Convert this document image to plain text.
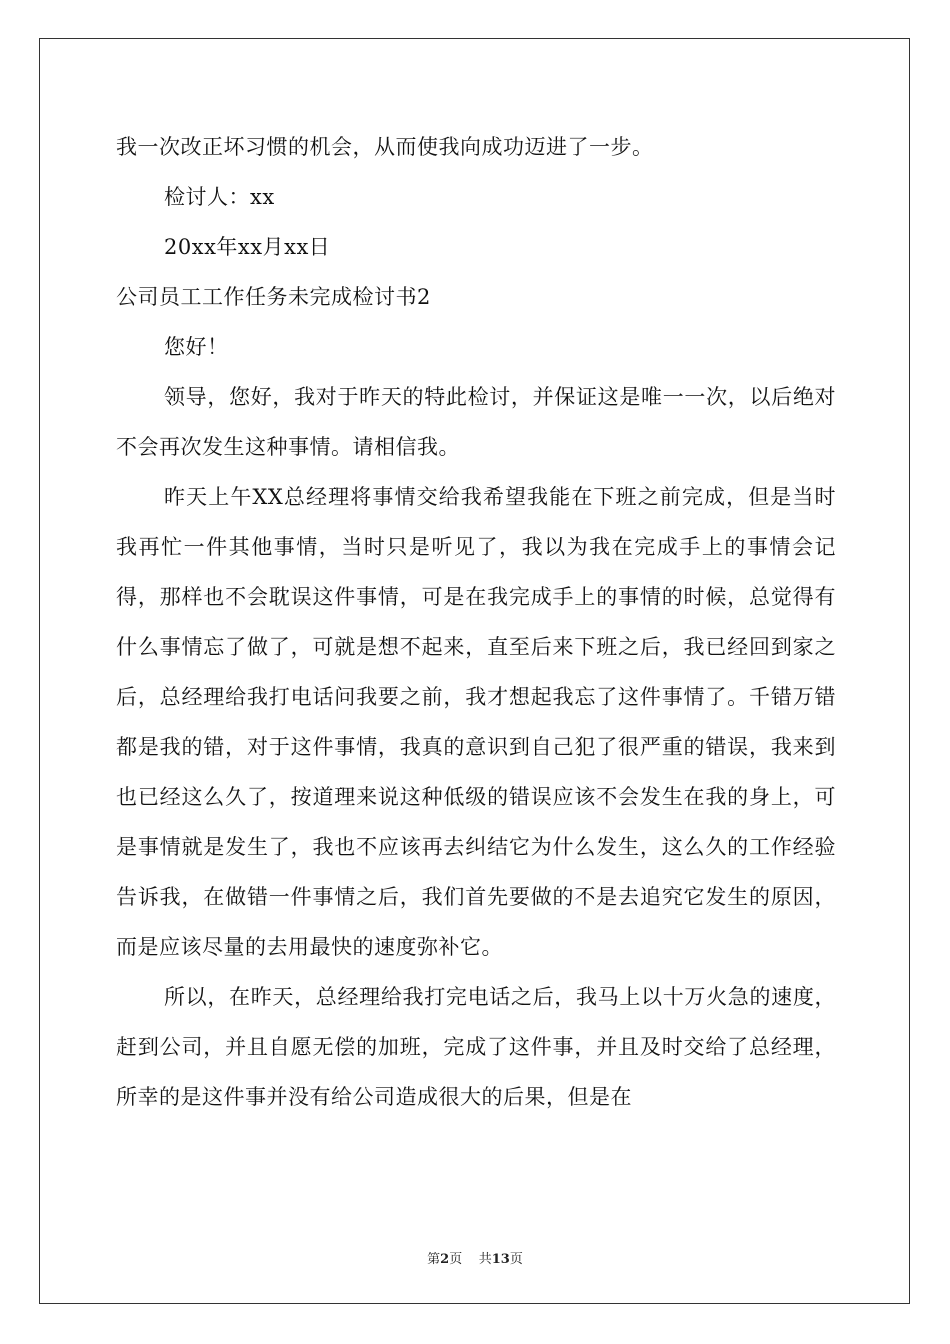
我一次改正坏习惯的机会，从而使我向成功迈进了一步。
检讨人：xx
20xx年xx月xx日
公司员工工作任务未完成检讨书2
您好！

领导，您好，我对于昨天的特此检讨，并保证这是唯一一次，以后绝对不会再次发生这种事情。请相信我。

昨天上午XX总经理将事情交给我希望我能在下班之前完成，但是当时我再忙一件其他事情，当时只是听见了，我以为我在完成手上的事情会记得，那样也不会耽误这件事情，可是在我完成手上的事情的时候，总觉得有什么事情忘了做了，可就是想不起来，直至后来下班之后，我已经回到家之后，总经理给我打电话问我要之前，我才想起我忘了这件事情了。千错万错都是我的错，对于这件事情，我真的意识到自己犯了很严重的错误，我来到也已经这么久了，按道理来说这种低级的错误应该不会发生在我的身上，可是事情就是发生了，我也不应该再去纠结它为什么发生，这么久的工作经验告诉我，在做错一件事情之后，我们首先要做的不是去追究它发生的原因，而是应该尽量的去用最快的速度弥补它。

所以，在昨天，总经理给我打完电话之后，我马上以十万火急的速度，赶到公司，并且自愿无偿的加班，完成了这件事，并且及时交给了总经理，所幸的是这件事并没有给公司造成很大的后果，但是在

第2页 共13页
